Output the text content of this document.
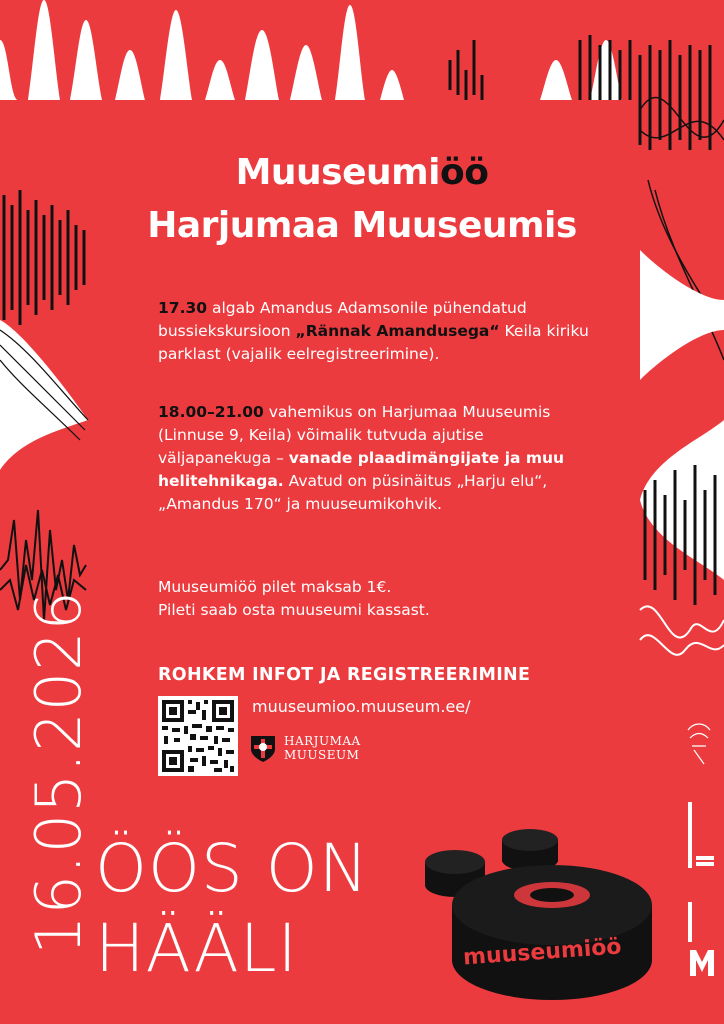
Muuseumiöö
Harjumaa Muuseumis
17.30 algab Amandus Adamsonile pühendatud bussiekskursioon „Rännak Amandusega“ Keila kiriku parklast (vajalik eelregistreerimine).
18.00–21.00 vahemikus on Harjumaa Muuseumis (Linnuse 9, Keila) võimalik tutvuda ajutise väljapanekuga – vanade plaadimängijate ja muu helitehnikaga. Avatud on püsinäitus „Harju elu“, „Amandus 170“ ja muuseumikohvik.
Muuseumiöö pilet maksab 1€.
Pileti saab osta muuseumi kassast.
ROHKEM INFOT JA REGISTREERIMINE
muuseumioo.muuseum.ee/
HARJUMAA
MUUSEUM
16.05.2026 ÖÖS ON
HÄÄLI	muuseumiöö
